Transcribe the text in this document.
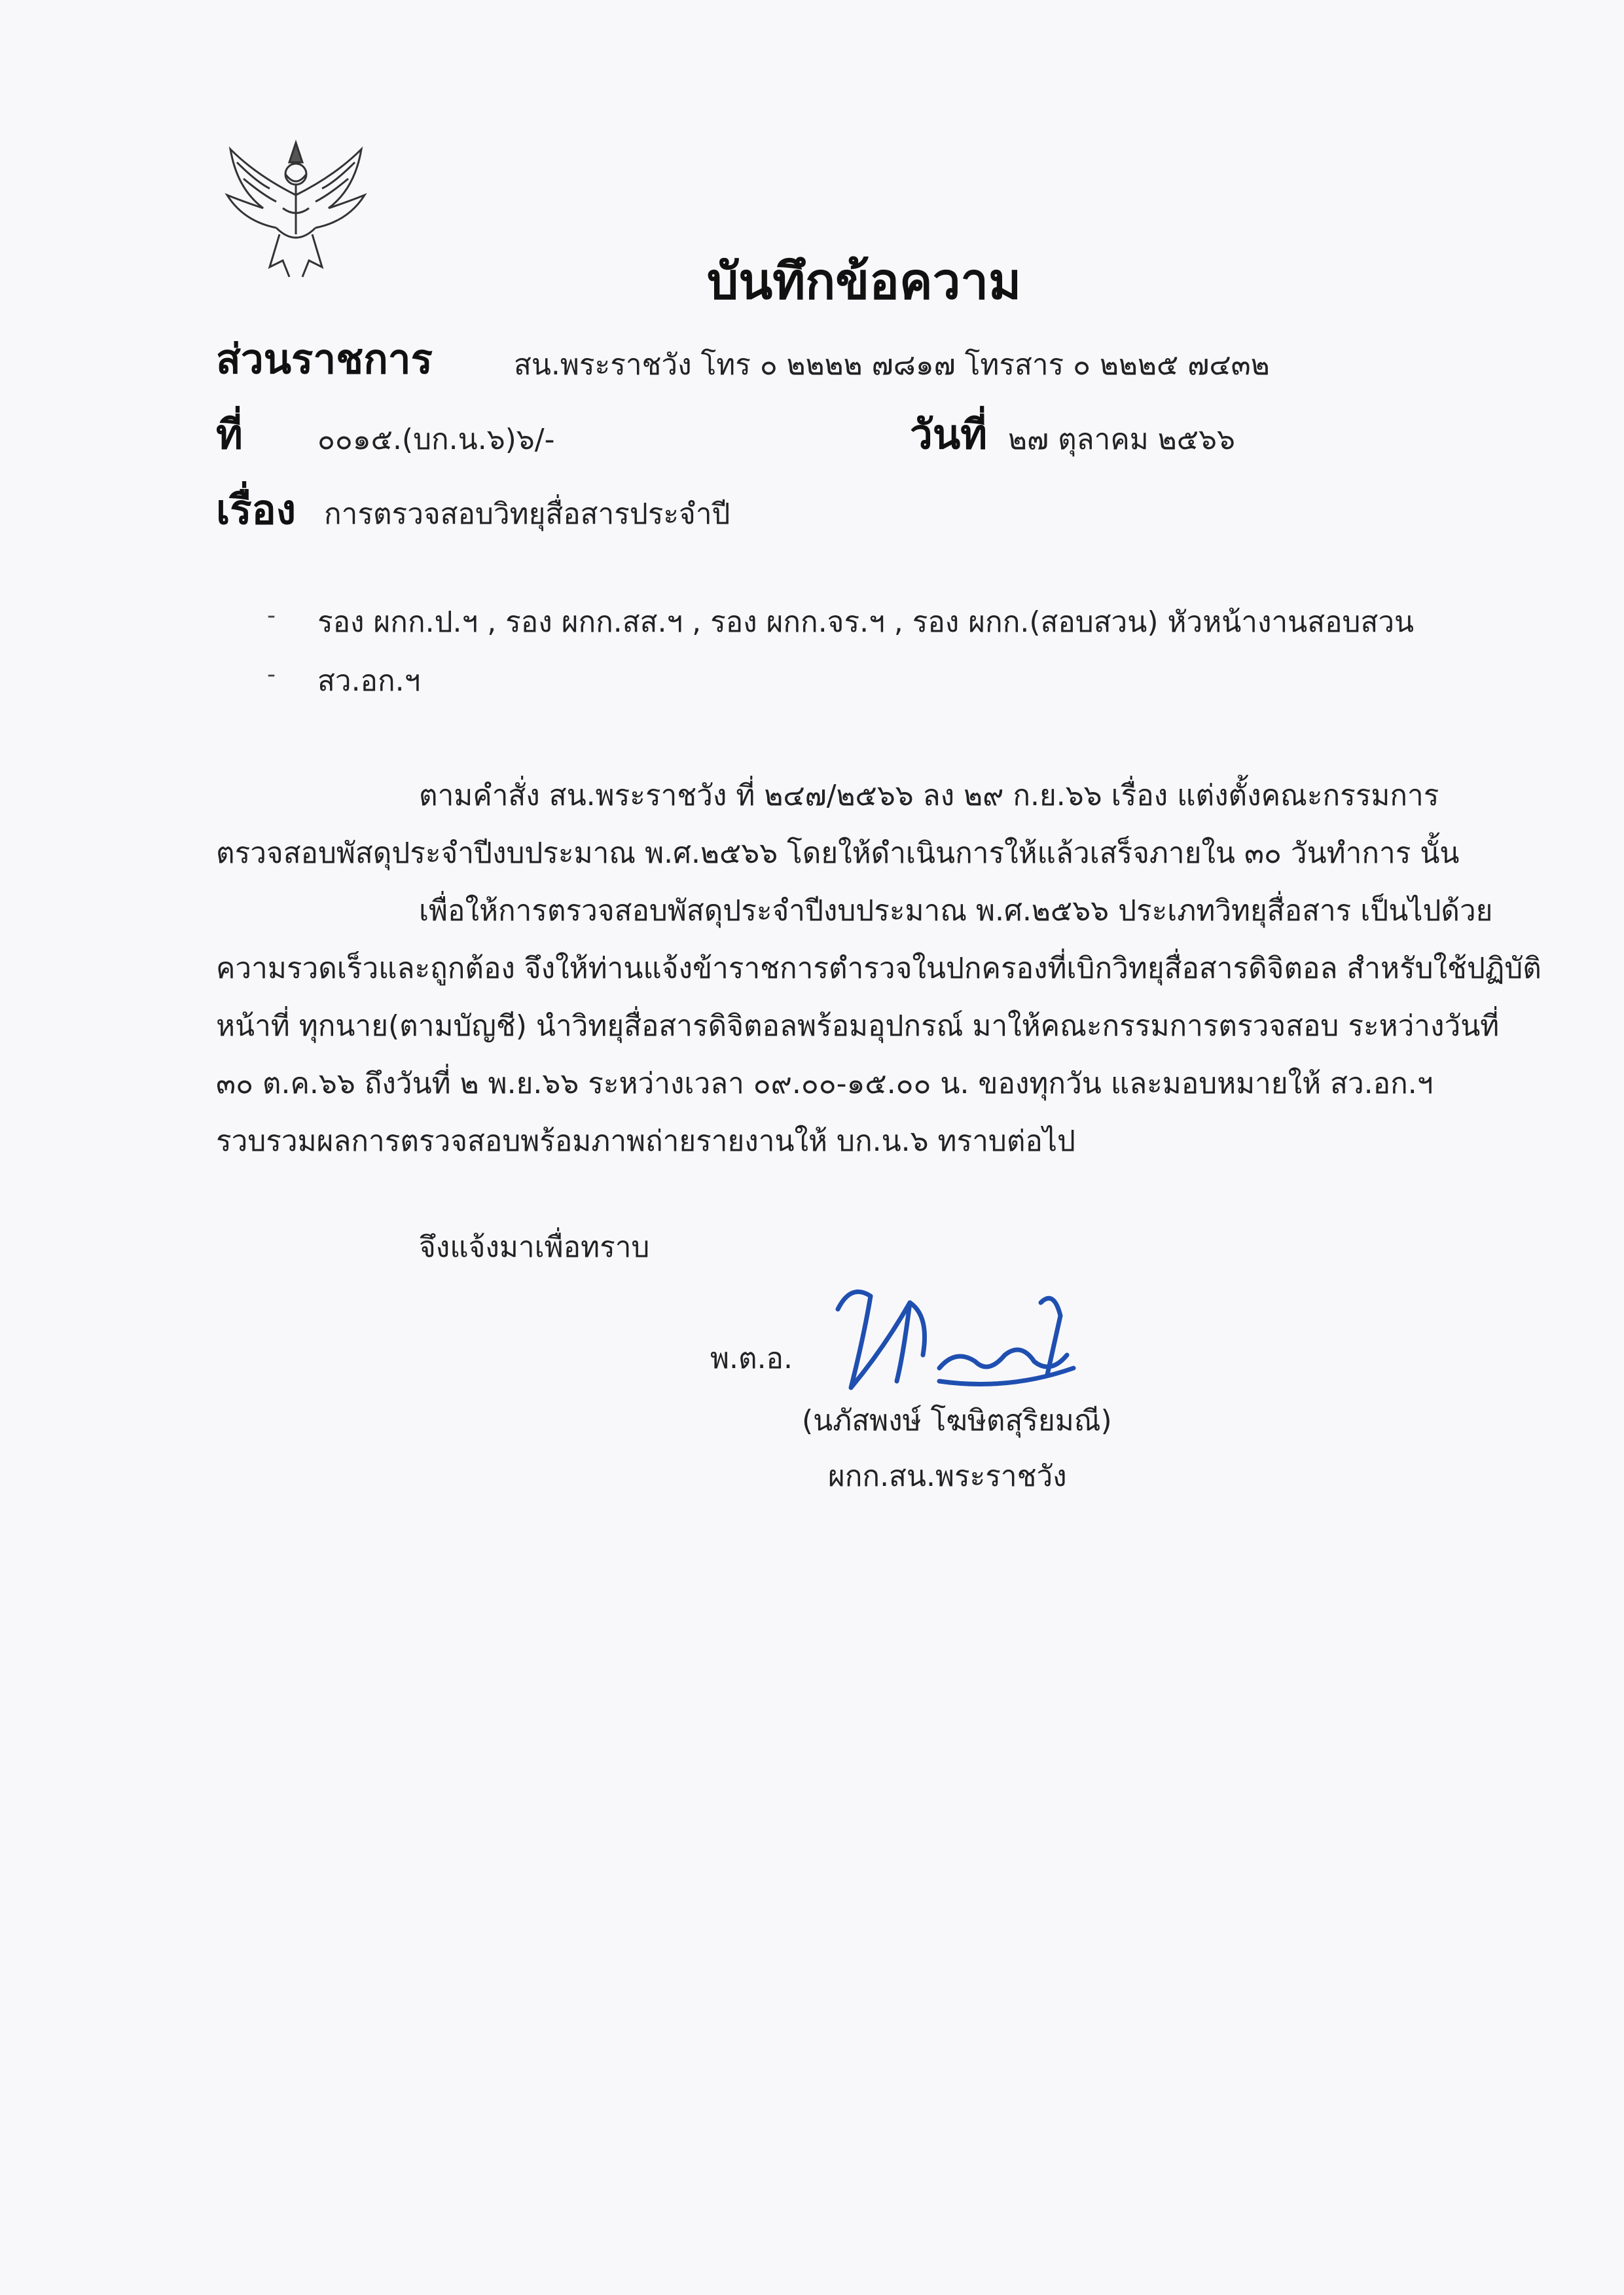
บันทึกข้อความ
ส่วนราชการ	สน.พระราชวัง โทร ๐ ๒๒๒๒ ๗๘๑๗ โทรสาร ๐ ๒๒๒๕ ๗๔๓๒
ที่	๐๐๑๕.(บก.น.๖)๖/-	วันที่ ๒๗ ตุลาคม ๒๕๖๖
เรื่อง การตรวจสอบวิทยุสื่อสารประจำปี
- รอง ผกก.ป.ฯ , รอง ผกก.สส.ฯ , รอง ผกก.จร.ฯ , รอง ผกก.(สอบสวน) หัวหน้างานสอบสวน
- สว.อก.ฯ
ตามคำสั่ง สน.พระราชวัง ที่ ๒๔๗/๒๕๖๖ ลง ๒๙ ก.ย.๖๖ เรื่อง แต่งตั้งคณะกรรมการ
ตรวจสอบพัสดุประจำปีงบประมาณ พ.ศ.๒๕๖๖ โดยให้ดำเนินการให้แล้วเสร็จภายใน ๓๐ วันทำการ นั้น
เพื่อให้การตรวจสอบพัสดุประจำปีงบประมาณ พ.ศ.๒๕๖๖ ประเภทวิทยุสื่อสาร เป็นไปด้วย
ความรวดเร็วและถูกต้อง จึงให้ท่านแจ้งข้าราชการตำรวจในปกครองที่เบิกวิทยุสื่อสารดิจิตอล สำหรับใช้ปฏิบัติ
หน้าที่ ทุกนาย(ตามบัญชี) นำวิทยุสื่อสารดิจิตอลพร้อมอุปกรณ์ มาให้คณะกรรมการตรวจสอบ ระหว่างวันที่
๓๐ ต.ค.๖๖ ถึงวันที่ ๒ พ.ย.๖๖ ระหว่างเวลา ๐๙.๐๐-๑๕.๐๐ น. ของทุกวัน และมอบหมายให้ สว.อก.ฯ
รวบรวมผลการตรวจสอบพร้อมภาพถ่ายรายงานให้ บก.น.๖ ทราบต่อไป
จึงแจ้งมาเพื่อทราบ
พ.ต.อ.
(นภัสพงษ์ โฆษิตสุริยมณี)
ผกก.สน.พระราชวัง
